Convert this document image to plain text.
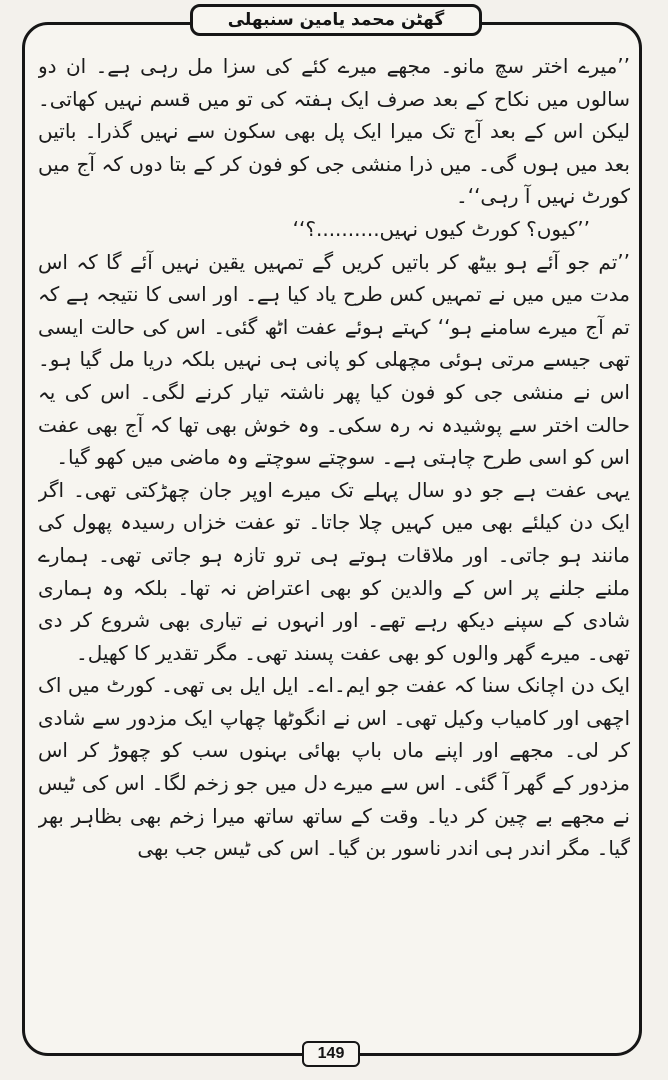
گھٹن محمد یامین سنبھلی

’’میرے اختر سچ مانو۔ مجھے میرے کئے کی سزا مل رہی ہے۔ ان دو سالوں میں نکاح کے بعد صرف ایک ہفتہ کی تو میں قسم نہیں کھاتی۔ لیکن اس کے بعد آج تک میرا ایک پل بھی سکون سے نہیں گذرا۔ باتیں بعد میں ہوں گی۔ میں ذرا منشی جی کو فون کر کے بتا دوں کہ آج میں کورٹ نہیں آ رہی‘‘۔

’’کیوں؟ کورٹ کیوں نہیں..........؟‘‘

’’تم جو آئے ہو بیٹھ کر باتیں کریں گے تمہیں یقین نہیں آئے گا کہ اس مدت میں میں نے تمہیں کس طرح یاد کیا ہے۔ اور اسی کا نتیجہ ہے کہ تم آج میرے سامنے ہو‘‘ کہتے ہوئے عفت اٹھ گئی۔ اس کی حالت ایسی تھی جیسے مرتی ہوئی مچھلی کو پانی ہی نہیں بلکہ دریا مل گیا ہو۔ اس نے منشی جی کو فون کیا پھر ناشتہ تیار کرنے لگی۔ اس کی یہ حالت اختر سے پوشیدہ نہ رہ سکی۔ وہ خوش بھی تھا کہ آج بھی عفت اس کو اسی طرح چاہتی ہے۔ سوچتے سوچتے وہ ماضی میں کھو گیا۔

یہی عفت ہے جو دو سال پہلے تک میرے اوپر جان چھڑکتی تھی۔ اگر ایک دن کیلئے بھی میں کہیں چلا جاتا۔ تو عفت خزاں رسیدہ پھول کی مانند ہو جاتی۔ اور ملاقات ہوتے ہی ترو تازہ ہو جاتی تھی۔ ہمارے ملنے جلنے پر اس کے والدین کو بھی اعتراض نہ تھا۔ بلکہ وہ ہماری شادی کے سپنے دیکھ رہے تھے۔ اور انہوں نے تیاری بھی شروع کر دی تھی۔ میرے گھر والوں کو بھی عفت پسند تھی۔ مگر تقدیر کا کھیل۔

ایک دن اچانک سنا کہ عفت جو ایم۔اے۔ ایل ایل بی تھی۔ کورٹ میں اک اچھی اور کامیاب وکیل تھی۔ اس نے انگوٹھا چھاپ ایک مزدور سے شادی کر لی۔ مجھے اور اپنے ماں باپ بھائی بہنوں سب کو چھوڑ کر اس مزدور کے گھر آ گئی۔ اس سے میرے دل میں جو زخم لگا۔ اس کی ٹیس نے مجھے بے چین کر دیا۔ وقت کے ساتھ ساتھ میرا زخم بھی بظاہر بھر گیا۔ مگر اندر ہی اندر ناسور بن گیا۔ اس کی ٹیس جب بھی

149
